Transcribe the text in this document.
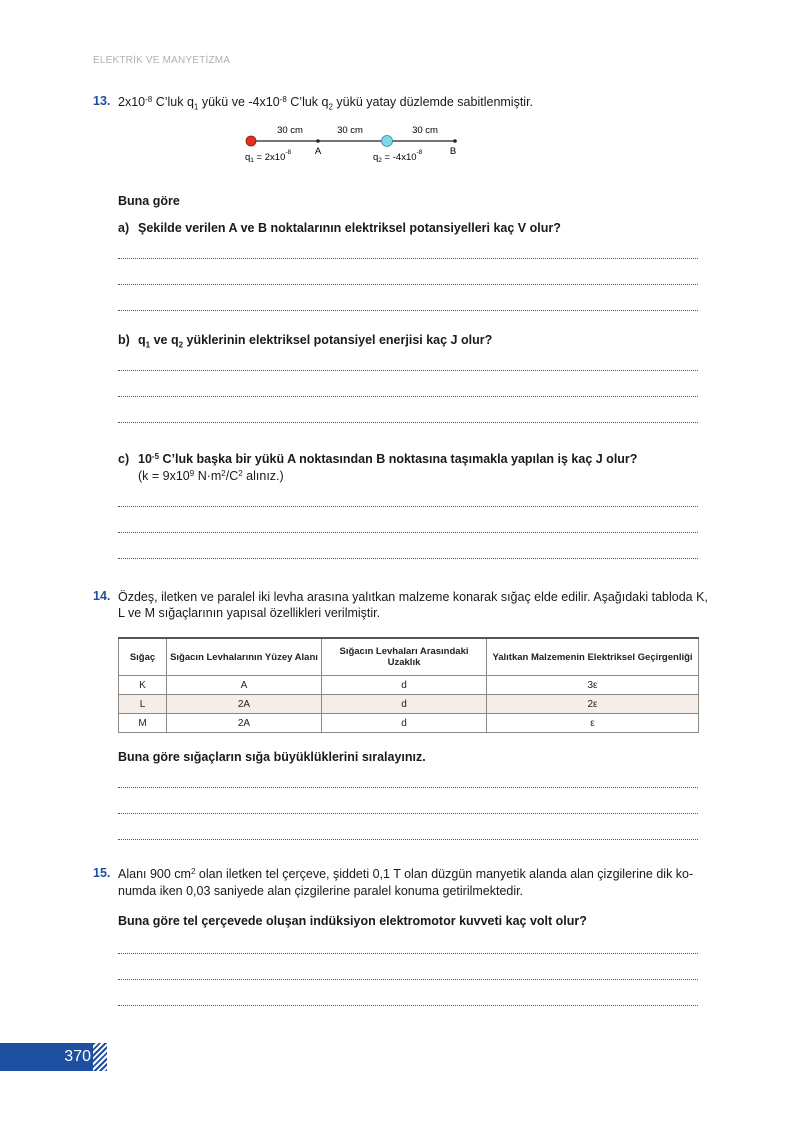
ELEKTRİK VE MANYETİZMA
13. $2x10^{-8}$ C’luk $q_1$ yükü ve $-4x10^{-8}$ C’luk $q_2$ yükü yatay düzlemde sabitlenmiştir.
30 cm	30 cm	30 cm
A	B
$q_1 = 2x10^{-8}$	$q_2 = -4x10^{-8}$
Buna göre
a) Şekilde verilen A ve B noktalarının elektriksel potansiyelleri kaç V olur?
b) $q_1$ ve $q_2$ yüklerinin elektriksel potansiyel enerjisi kaç J olur?
c) $10^{-5}$ C’luk başka bir yükü A noktasından B noktasına taşımakla yapılan iş kaç J olur?
($k = 9x10^9$ $N\cdot m^2/C^2$ alınız.)
14. Özdeş, iletken ve paralel iki levha arasına yalıtkan malzeme konarak sığaç elde edilir. Aşağıdaki tabloda K,
L ve M sığaçlarının yapısal özellikleri verilmiştir.
Sığaç	Sığacın Levhalarının Yüzey Alanı	Sığacın Levhaları Arasındaki Uzaklık	Yalıtkan Malzemenin Elektriksel Geçirgenliği
K	A	d	3ε
L	2A	d	2ε
M	2A	d	ε
Buna göre sığaçların sığa büyüklüklerini sıralayınız.
15. Alanı 900 $cm^2$ olan iletken tel çerçeve, şiddeti 0,1 T olan düzgün manyetik alanda alan çizgilerine dik ko-
numda iken 0,03 saniyede alan çizgilerine paralel konuma getirilmektedir.
Buna göre tel çerçevede oluşan indüksiyon elektromotor kuvveti kaç volt olur?
370
